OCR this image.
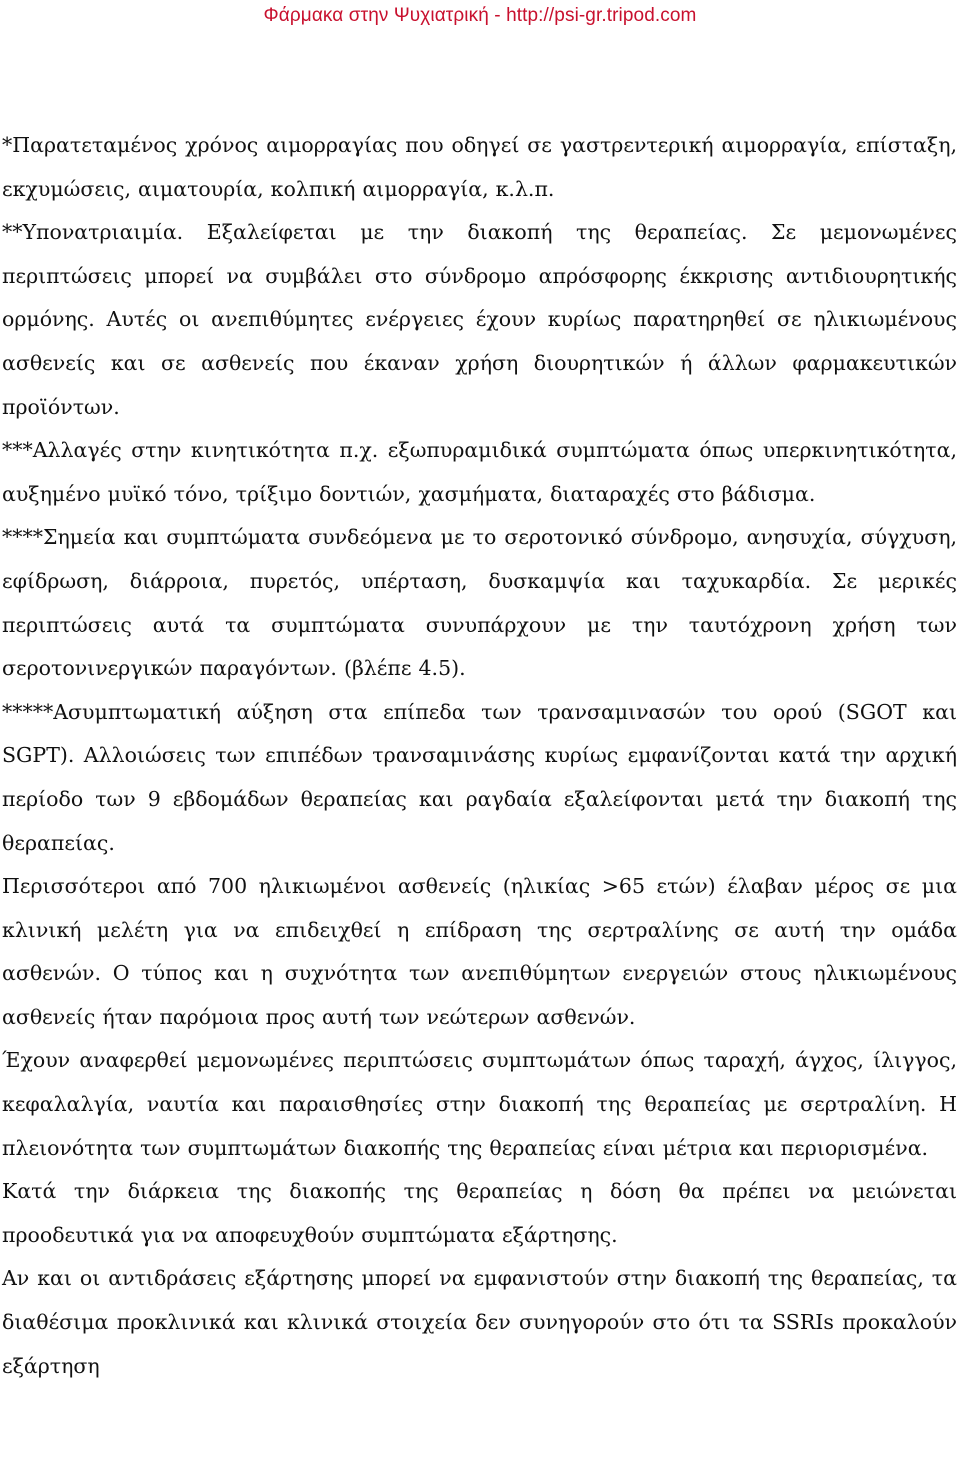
Φάρμακα στην Ψυχιατρική - http://psi-gr.tripod.com

*Παρατεταμένος χρόνος αιμορραγίας που οδηγεί σε γαστρεντερική αιμορραγία, επίσταξη, εκχυμώσεις, αιματουρία, κολπική αιμορραγία, κ.λ.π.

**Υπονατριαιμία. Εξαλείφεται με την διακοπή της θεραπείας. Σε μεμονωμένες περιπτώσεις μπορεί να συμβάλει στο σύνδρομο απρόσφορης έκκρισης αντιδιουρητικής ορμόνης. Αυτές οι ανεπιθύμητες ενέργειες έχουν κυρίως παρατηρηθεί σε ηλικιωμένους ασθενείς και σε ασθενείς που έκαναν χρήση διουρητικών ή άλλων φαρμακευτικών προϊόντων.

***Αλλαγές στην κινητικότητα π.χ. εξωπυραμιδικά συμπτώματα όπως υπερκινητικότητα, αυξημένο μυϊκό τόνο, τρίξιμο δοντιών, χασμήματα, διαταραχές στο βάδισμα.

****Σημεία και συμπτώματα συνδεόμενα με το σεροτονικό σύνδρομο, ανησυχία, σύγχυση, εφίδρωση, διάρροια, πυρετός, υπέρταση, δυσκαμψία και ταχυκαρδία. Σε μερικές περιπτώσεις αυτά τα συμπτώματα συνυπάρχουν με την ταυτόχρονη χρήση των σεροτονινεργικών παραγόντων. (βλέπε 4.5).

*****Ασυμπτωματική αύξηση στα επίπεδα των τρανσαμινασών του ορού (SGOT και SGPT). Αλλοιώσεις των επιπέδων τρανσαμινάσης κυρίως εμφανίζονται κατά την αρχική περίοδο των 9 εβδομάδων θεραπείας και ραγδαία εξαλείφονται μετά την διακοπή της θεραπείας.

Περισσότεροι από 700 ηλικιωμένοι ασθενείς (ηλικίας >65 ετών) έλαβαν μέρος σε μια κλινική μελέτη για να επιδειχθεί η επίδραση της σερτραλίνης σε αυτή την ομάδα ασθενών. Ο τύπος και η συχνότητα των ανεπιθύμητων ενεργειών στους ηλικιωμένους ασθενείς ήταν παρόμοια προς αυτή των νεώτερων ασθενών.

Έχουν αναφερθεί μεμονωμένες περιπτώσεις συμπτωμάτων όπως ταραχή, άγχος, ίλιγγος, κεφαλαλγία, ναυτία και παραισθησίες στην διακοπή της θεραπείας με σερτραλίνη. Η πλειονότητα των συμπτωμάτων διακοπής της θεραπείας είναι μέτρια και περιορισμένα.

Κατά την διάρκεια της διακοπής της θεραπείας η δόση θα πρέπει να μειώνεται προοδευτικά για να αποφευχθούν συμπτώματα εξάρτησης.

Αν και οι αντιδράσεις εξάρτησης μπορεί να εμφανιστούν στην διακοπή της θεραπείας, τα διαθέσιμα προκλινικά και κλινικά στοιχεία δεν συνηγορούν στο ότι τα SSRIs προκαλούν εξάρτηση
